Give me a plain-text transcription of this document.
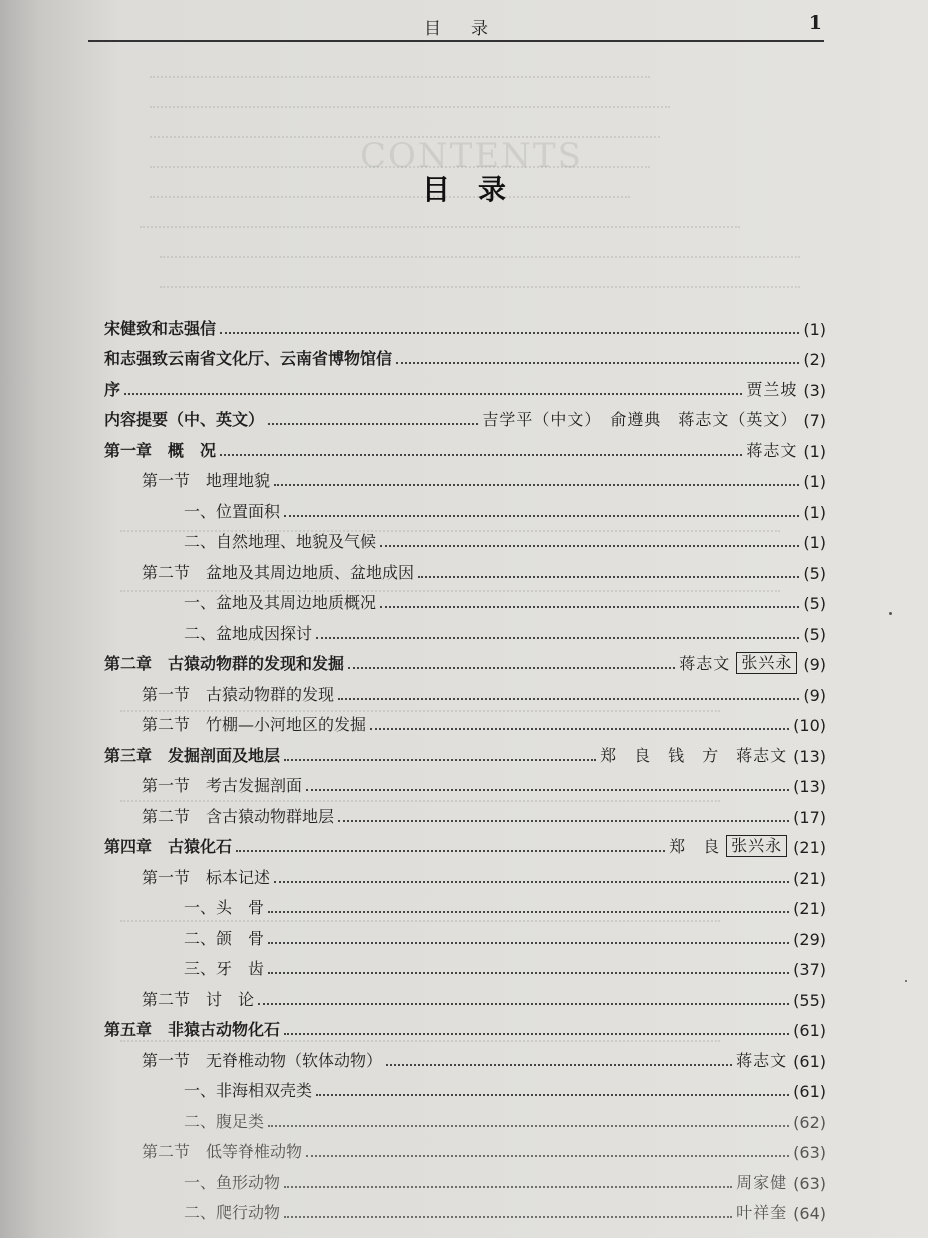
CONTENTS
目录	1
目录
宋健致和志强信	(1)
和志强致云南省文化厅、云南省博物馆信	(2)
序	贾兰坡 (3)
内容提要（中、英文）	吉学平（中文）　俞遵典　蒋志文（英文） (7)
第一章　概　况	蒋志文 (1)
第一节　地理地貌	(1)
一、位置面积	(1)
二、自然地理、地貌及气候	(1)
第二节　盆地及其周边地质、盆地成因	(5)
一、盆地及其周边地质概况	(5)
二、盆地成因探讨	(5)
第二章　古猿动物群的发现和发掘	蒋志文 张兴永 (9)
第一节　古猿动物群的发现	(9)
第二节　竹棚—小河地区的发掘	(10)
第三章　发掘剖面及地层	郑　良　钱　方　蒋志文 (13)
第一节　考古发掘剖面	(13)
第二节　含古猿动物群地层	(17)
第四章　古猿化石	郑　良 张兴永 (21)
第一节　标本记述	(21)
一、头　骨	(21)
二、颌　骨	(29)
三、牙　齿	(37)
第二节　讨　论	(55)
第五章　非猿古动物化石	(61)
第一节　无脊椎动物（软体动物）	蒋志文 (61)
一、非海相双壳类	(61)
二、腹足类	(62)
第二节　低等脊椎动物	(63)
一、鱼形动物	周家健 (63)
二、爬行动物	叶祥奎 (64)
